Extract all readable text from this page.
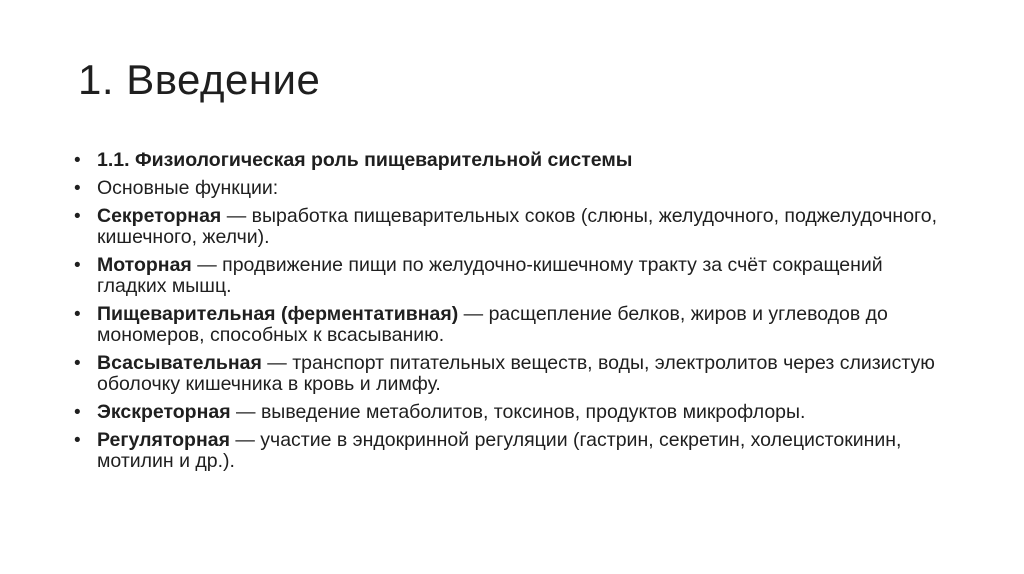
1. Введение
• 1.1. Физиологическая роль пищеварительной системы
• Основные функции:
• Секреторная — выработка пищеварительных соков (слюны, желудочного, поджелудочного, кишечного, желчи).
• Моторная — продвижение пищи по желудочно-кишечному тракту за счёт сокращений гладких мышц.
• Пищеварительная (ферментативная) — расщепление белков, жиров и углеводов до мономеров, способных к всасыванию.
• Всасывательная — транспорт питательных веществ, воды, электролитов через слизистую оболочку кишечника в кровь и лимфу.
• Экскреторная — выведение метаболитов, токсинов, продуктов микрофлоры.
• Регуляторная — участие в эндокринной регуляции (гастрин, секретин, холецистокинин, мотилин и др.).
